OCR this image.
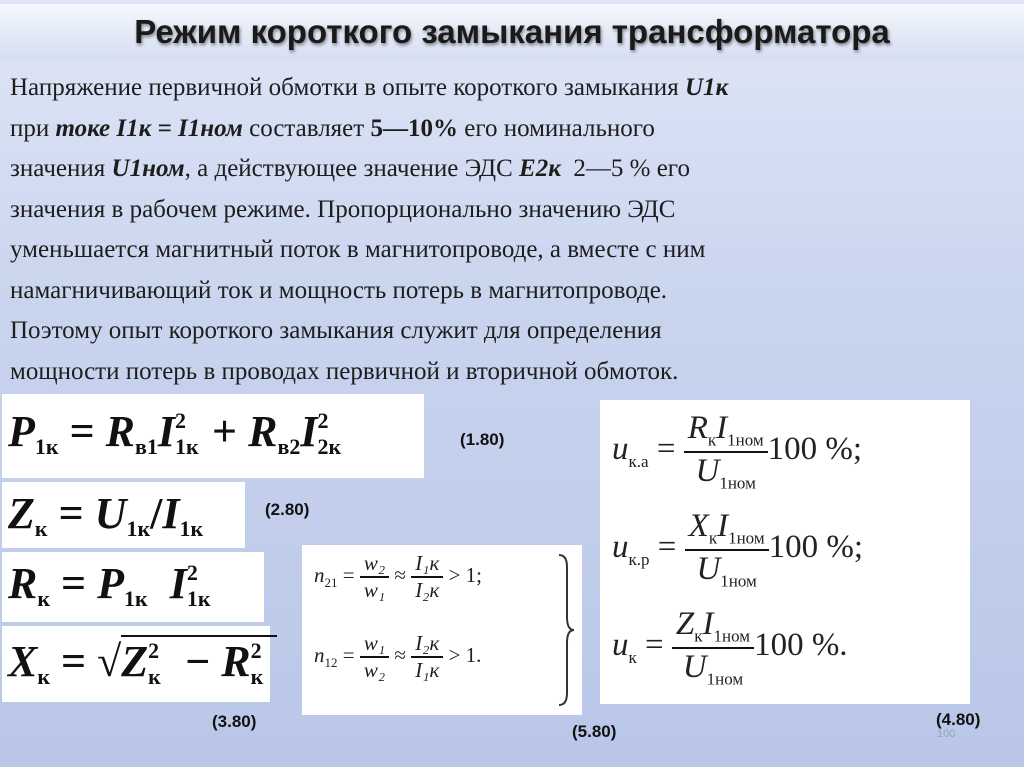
Режим короткого замыкания трансформатора
Напряжение первичной обмотки в опыте короткого замыкания U1к
при токе I1к = I1ном составляет 5—10% его номинального
значения U1ном, а действующее значение ЭДС Е2к  2—5 % его
значения в рабочем режиме. Пропорционально значению ЭДС
уменьшается магнитный поток в магнитопроводе, а вместе с ним
намагничивающий ток и мощность потерь в магнитопроводе.
Поэтому опыт короткого замыкания служит для определения
мощности потерь в проводах первичной и вторичной обмоток.
$P_{1к} = R_{в1}I$ 2
$1к + R_{в2}I$ 2
2к	(1.80)
$Z_к = U_{1к}/I_{1к}$
(2.80)
$R_к = P_{1к}$ I 2
1к
$X_к = √Z$ 2
к − R 2
к
(3.80)
$n_{21} = \frac{\text{w₂}}{\text{w₁}} \approx \frac{\text{I₁к}}{\text{I₂к}} > 1$;
$n_{12} = \frac{\text{w₁}}{\text{w₂}} \approx \frac{\text{I₂к}}{\text{I₁к}} > 1$.
(5.80)
$u_{к.а} = \frac{R_кI_{1ном}}{U_{1ном}} 100$ %;
$u_{к.р} = \frac{X_кI_{1ном}}{U_{1ном}} 100$ %;
$u_к = \frac{Z_кI_{1ном}}{U_{1ном}} 100$ %.
(4.80)
100
